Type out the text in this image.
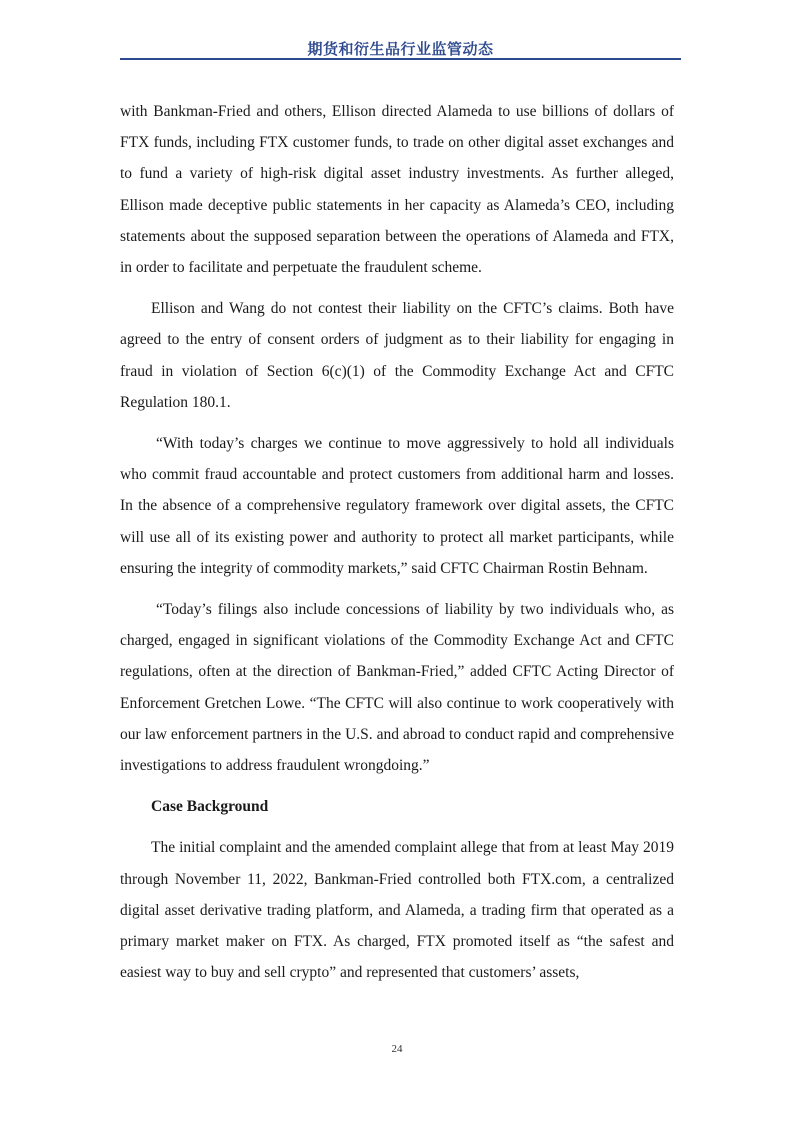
期货和衍生品行业监管动态

with Bankman-Fried and others, Ellison directed Alameda to use billions of dollars of FTX funds, including FTX customer funds, to trade on other digital asset exchanges and to fund a variety of high-risk digital asset industry investments. As further alleged, Ellison made deceptive public statements in her capacity as Alameda’s CEO, including statements about the supposed separation between the operations of Alameda and FTX, in order to facilitate and perpetuate the fraudulent scheme.

Ellison and Wang do not contest their liability on the CFTC’s claims. Both have agreed to the entry of consent orders of judgment as to their liability for engaging in fraud in violation of Section 6(c)(1) of the Commodity Exchange Act and CFTC Regulation 180.1.

“With today’s charges we continue to move aggressively to hold all individuals who commit fraud accountable and protect customers from additional harm and losses. In the absence of a comprehensive regulatory framework over digital assets, the CFTC will use all of its existing power and authority to protect all market participants, while ensuring the integrity of commodity markets,” said CFTC Chairman Rostin Behnam.

“Today’s filings also include concessions of liability by two individuals who, as charged, engaged in significant violations of the Commodity Exchange Act and CFTC regulations, often at the direction of Bankman-Fried,” added CFTC Acting Director of Enforcement Gretchen Lowe. “The CFTC will also continue to work cooperatively with our law enforcement partners in the U.S. and abroad to conduct rapid and comprehensive investigations to address fraudulent wrongdoing.”

Case Background

The initial complaint and the amended complaint allege that from at least May 2019 through November 11, 2022, Bankman-Fried controlled both FTX.com, a centralized digital asset derivative trading platform, and Alameda, a trading firm that operated as a primary market maker on FTX. As charged, FTX promoted itself as “the safest and easiest way to buy and sell crypto” and represented that customers’ assets,

24
